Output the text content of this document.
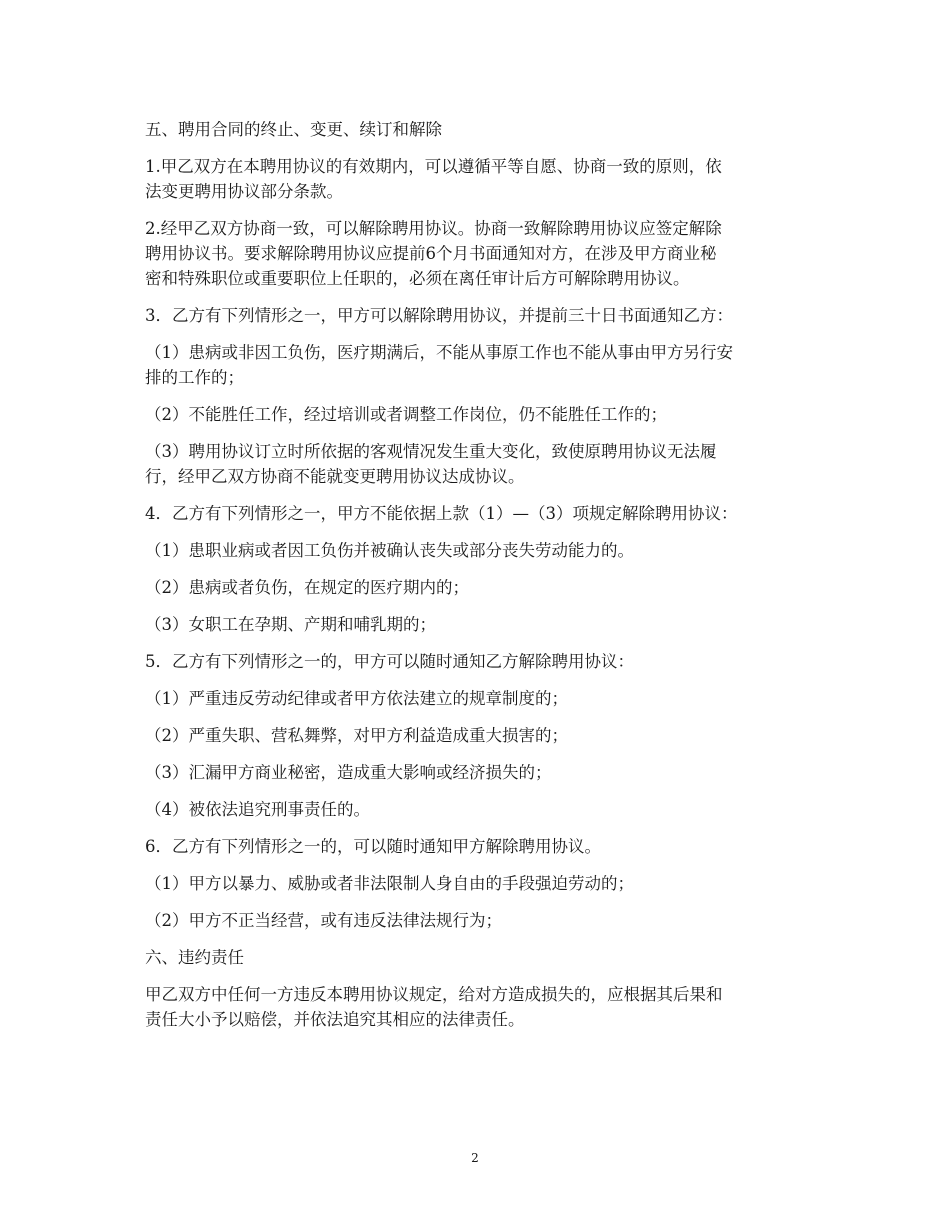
五、聘用合同的终止、变更、续订和解除

1.甲乙双方在本聘用协议的有效期内，可以遵循平等自愿、协商一致的原则，依

法变更聘用协议部分条款。

2.经甲乙双方协商一致，可以解除聘用协议。协商一致解除聘用协议应签定解除

聘用协议书。要求解除聘用协议应提前6个月书面通知对方，在涉及甲方商业秘

密和特殊职位或重要职位上任职的，必须在离任审计后方可解除聘用协议。

3．乙方有下列情形之一，甲方可以解除聘用协议，并提前三十日书面通知乙方：

（1）患病或非因工负伤，医疗期满后，不能从事原工作也不能从事由甲方另行安

排的工作的；

（2）不能胜任工作，经过培训或者调整工作岗位，仍不能胜任工作的；

（3）聘用协议订立时所依据的客观情况发生重大变化，致使原聘用协议无法履

行，经甲乙双方协商不能就变更聘用协议达成协议。

4．乙方有下列情形之一，甲方不能依据上款（1）—（3）项规定解除聘用协议：

（1）患职业病或者因工负伤并被确认丧失或部分丧失劳动能力的。

（2）患病或者负伤，在规定的医疗期内的；

（3）女职工在孕期、产期和哺乳期的；

5．乙方有下列情形之一的，甲方可以随时通知乙方解除聘用协议：

（1）严重违反劳动纪律或者甲方依法建立的规章制度的；

（2）严重失职、营私舞弊，对甲方利益造成重大损害的；

（3）汇漏甲方商业秘密，造成重大影响或经济损失的；

（4）被依法追究刑事责任的。

6．乙方有下列情形之一的，可以随时通知甲方解除聘用协议。

（1）甲方以暴力、威胁或者非法限制人身自由的手段强迫劳动的；

（2）甲方不正当经营，或有违反法律法规行为；

六、违约责任

甲乙双方中任何一方违反本聘用协议规定，给对方造成损失的，应根据其后果和

责任大小予以赔偿，并依法追究其相应的法律责任。

2
